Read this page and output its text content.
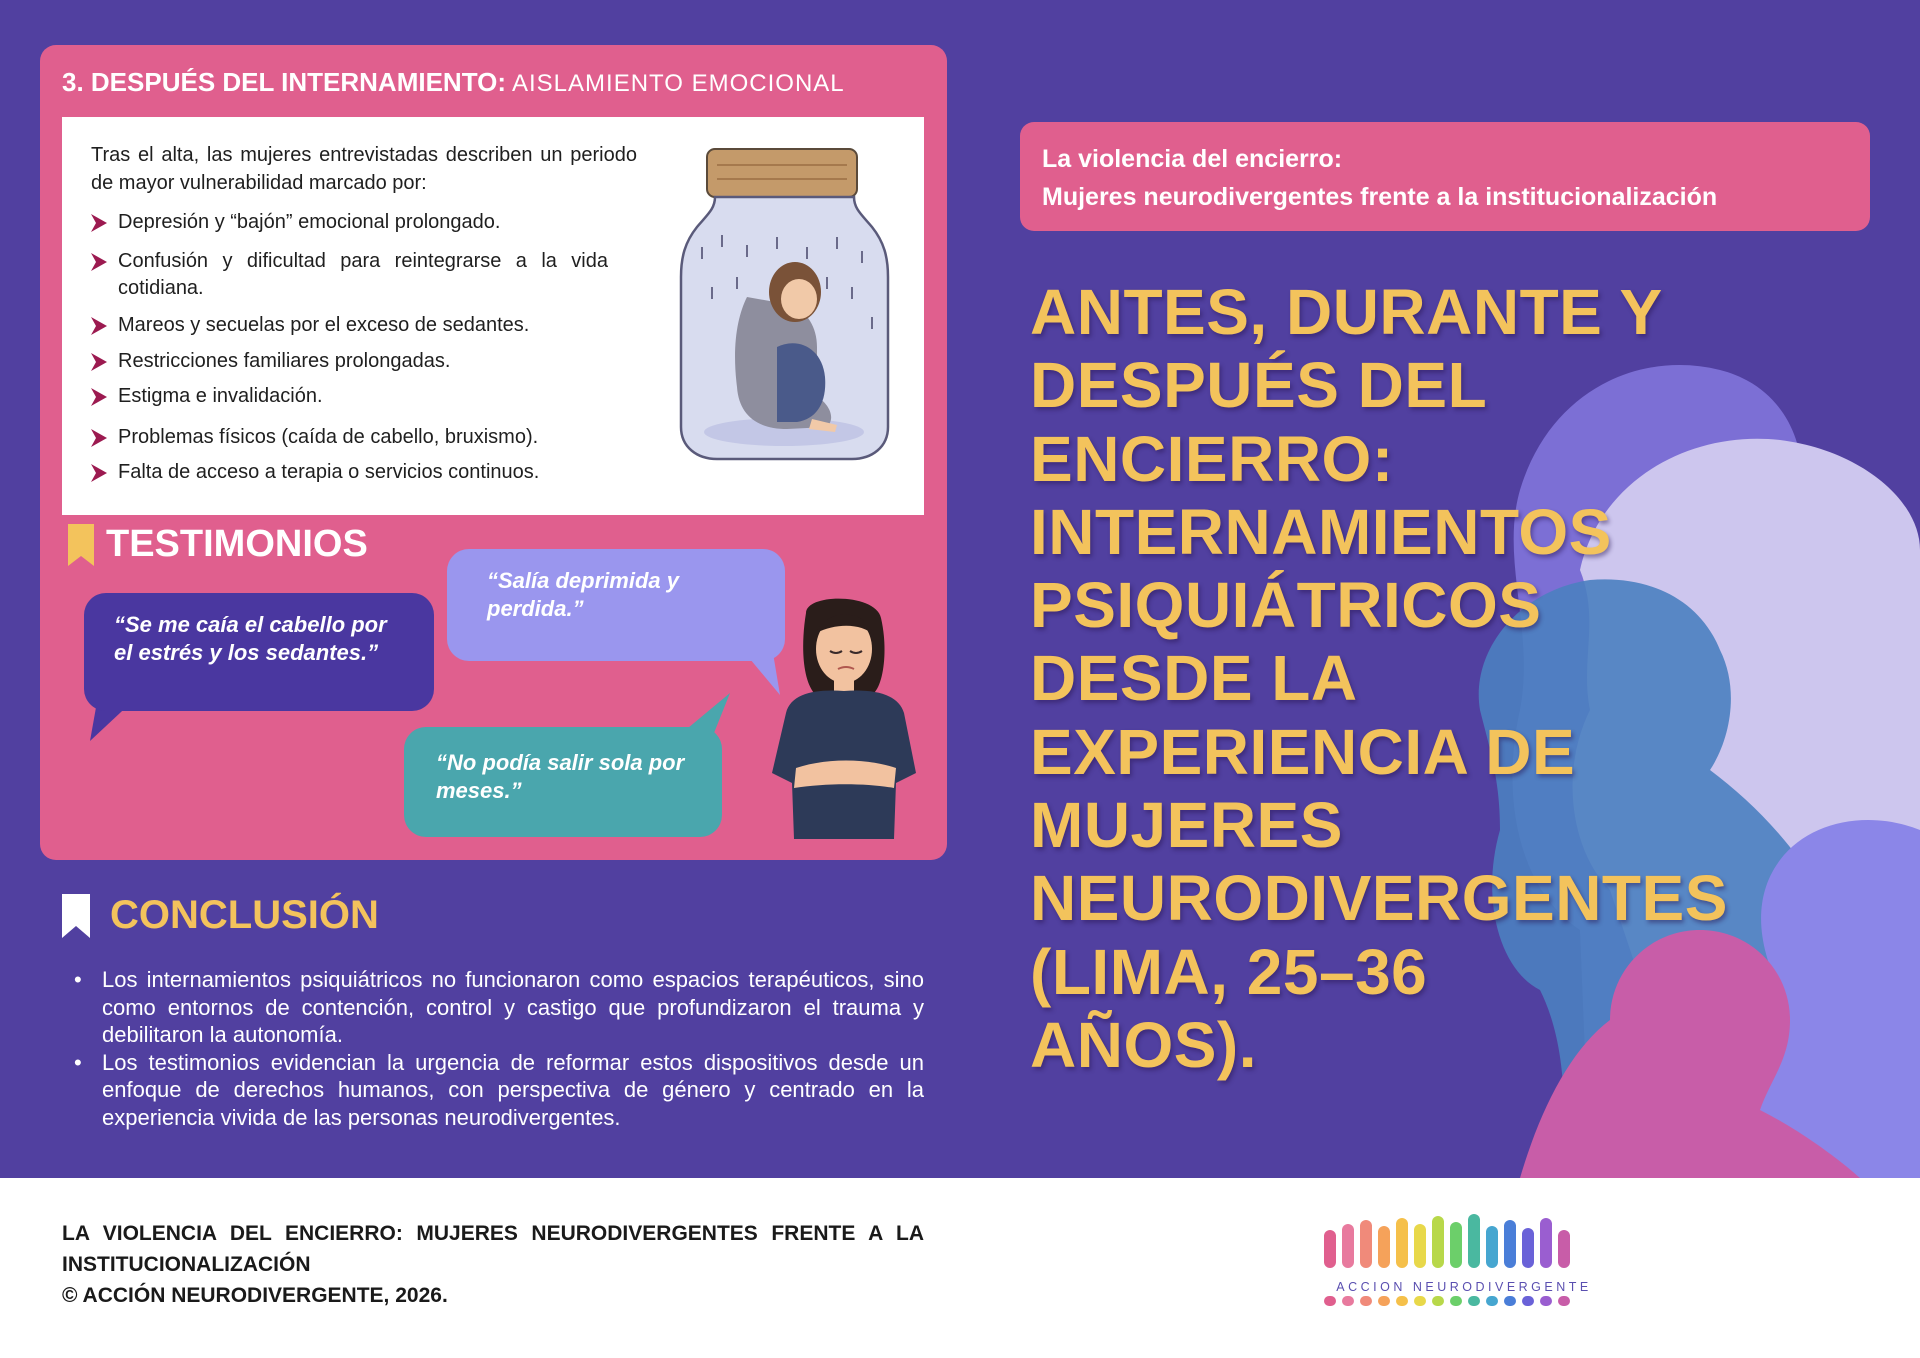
3. DESPUÉS DEL INTERNAMIENTO: AISLAMIENTO EMOCIONAL

Tras el alta, las mujeres entrevistadas describen un periodo de mayor vulnerabilidad marcado por:

Depresión y “bajón” emocional prolongado.
Confusión y dificultad para reintegrarse a la vida cotidiana.
Mareos y secuelas por el exceso de sedantes.
Restricciones familiares prolongadas.
Estigma e invalidación.
Problemas físicos (caída de cabello, bruxismo).
Falta de acceso a terapia o servicios continuos.
TESTIMONIOS
“Se me caía el cabello por el estrés y los sedantes.”
“Salía deprimida y perdida.”
“No podía salir sola por meses.”
CONCLUSIÓN
• Los internamientos psiquiátricos no funcionaron como espacios terapéuticos, sino como entornos de contención, control y castigo que profundizaron el trauma y debilitaron la autonomía.
• Los testimonios evidencian la urgencia de reformar estos dispositivos desde un enfoque de derechos humanos, con perspectiva de género y centrado en la experiencia vivida de las personas neurodivergentes.
La violencia del encierro:
Mujeres neurodivergentes frente a la institucionalización
ANTES, DURANTE Y
DESPUÉS DEL
ENCIERRO:
INTERNAMIENTOS
PSIQUIÁTRICOS
DESDE LA
EXPERIENCIA DE
MUJERES
NEURODIVERGENTES
(LIMA, 25–36
AÑOS).
LA VIOLENCIA DEL ENCIERRO: MUJERES NEURODIVERGENTES FRENTE A LA
INSTITUCIONALIZACIÓN
© ACCIÓN NEURODIVERGENTE, 2026.	ACCION NEURODIVERGENTE
